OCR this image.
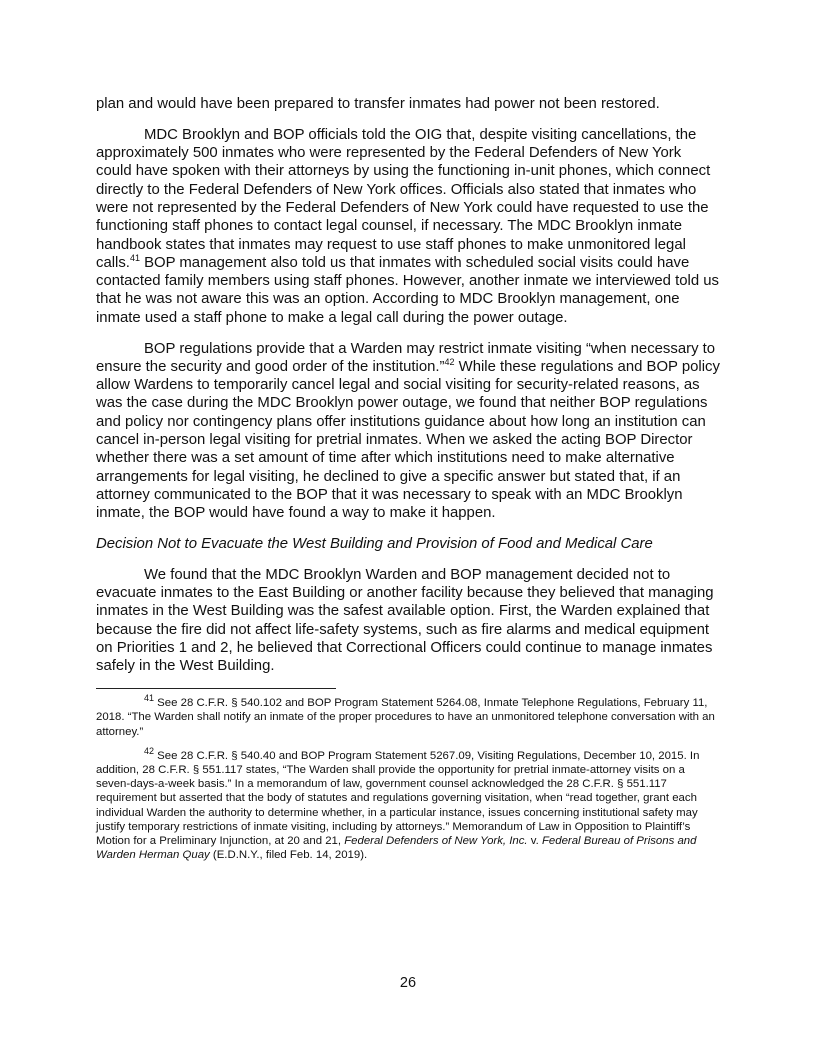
plan and would have been prepared to transfer inmates had power not been restored.

MDC Brooklyn and BOP officials told the OIG that, despite visiting cancellations, the approximately 500 inmates who were represented by the Federal Defenders of New York could have spoken with their attorneys by using the functioning in-unit phones, which connect directly to the Federal Defenders of New York offices. Officials also stated that inmates who were not represented by the Federal Defenders of New York could have requested to use the functioning staff phones to contact legal counsel, if necessary. The MDC Brooklyn inmate handbook states that inmates may request to use staff phones to make unmonitored legal calls.$^{41}$ BOP management also told us that inmates with scheduled social visits could have contacted family members using staff phones. However, another inmate we interviewed told us that he was not aware this was an option. According to MDC Brooklyn management, one inmate used a staff phone to make a legal call during the power outage.

BOP regulations provide that a Warden may restrict inmate visiting “when necessary to ensure the security and good order of the institution.”$^{42}$ While these regulations and BOP policy allow Wardens to temporarily cancel legal and social visiting for security-related reasons, as was the case during the MDC Brooklyn power outage, we found that neither BOP regulations and policy nor contingency plans offer institutions guidance about how long an institution can cancel in-person legal visiting for pretrial inmates. When we asked the acting BOP Director whether there was a set amount of time after which institutions need to make alternative arrangements for legal visiting, he declined to give a specific answer but stated that, if an attorney communicated to the BOP that it was necessary to speak with an MDC Brooklyn inmate, the BOP would have found a way to make it happen.

Decision Not to Evacuate the West Building and Provision of Food and Medical Care

We found that the MDC Brooklyn Warden and BOP management decided not to evacuate inmates to the East Building or another facility because they believed that managing inmates in the West Building was the safest available option. First, the Warden explained that because the fire did not affect life-safety systems, such as fire alarms and medical equipment on Priorities 1 and 2, he believed that Correctional Officers could continue to manage inmates safely in the West Building.

$^{41}$ See 28 C.F.R. § 540.102 and BOP Program Statement 5264.08, Inmate Telephone Regulations, February 11, 2018. “The Warden shall notify an inmate of the proper procedures to have an unmonitored telephone conversation with an attorney.”

$^{42}$ See 28 C.F.R. § 540.40 and BOP Program Statement 5267.09, Visiting Regulations, December 10, 2015. In addition, 28 C.F.R. § 551.117 states, “The Warden shall provide the opportunity for pretrial inmate-attorney visits on a seven-days-a-week basis.” In a memorandum of law, government counsel acknowledged the 28 C.F.R. § 551.117 requirement but asserted that the body of statutes and regulations governing visitation, when “read together, grant each individual Warden the authority to determine whether, in a particular instance, issues concerning institutional safety may justify temporary restrictions of inmate visiting, including by attorneys.” Memorandum of Law in Opposition to Plaintiff’s Motion for a Preliminary Injunction, at 20 and 21, Federal Defenders of New York, Inc. v. Federal Bureau of Prisons and Warden Herman Quay (E.D.N.Y., filed Feb. 14, 2019).

26
